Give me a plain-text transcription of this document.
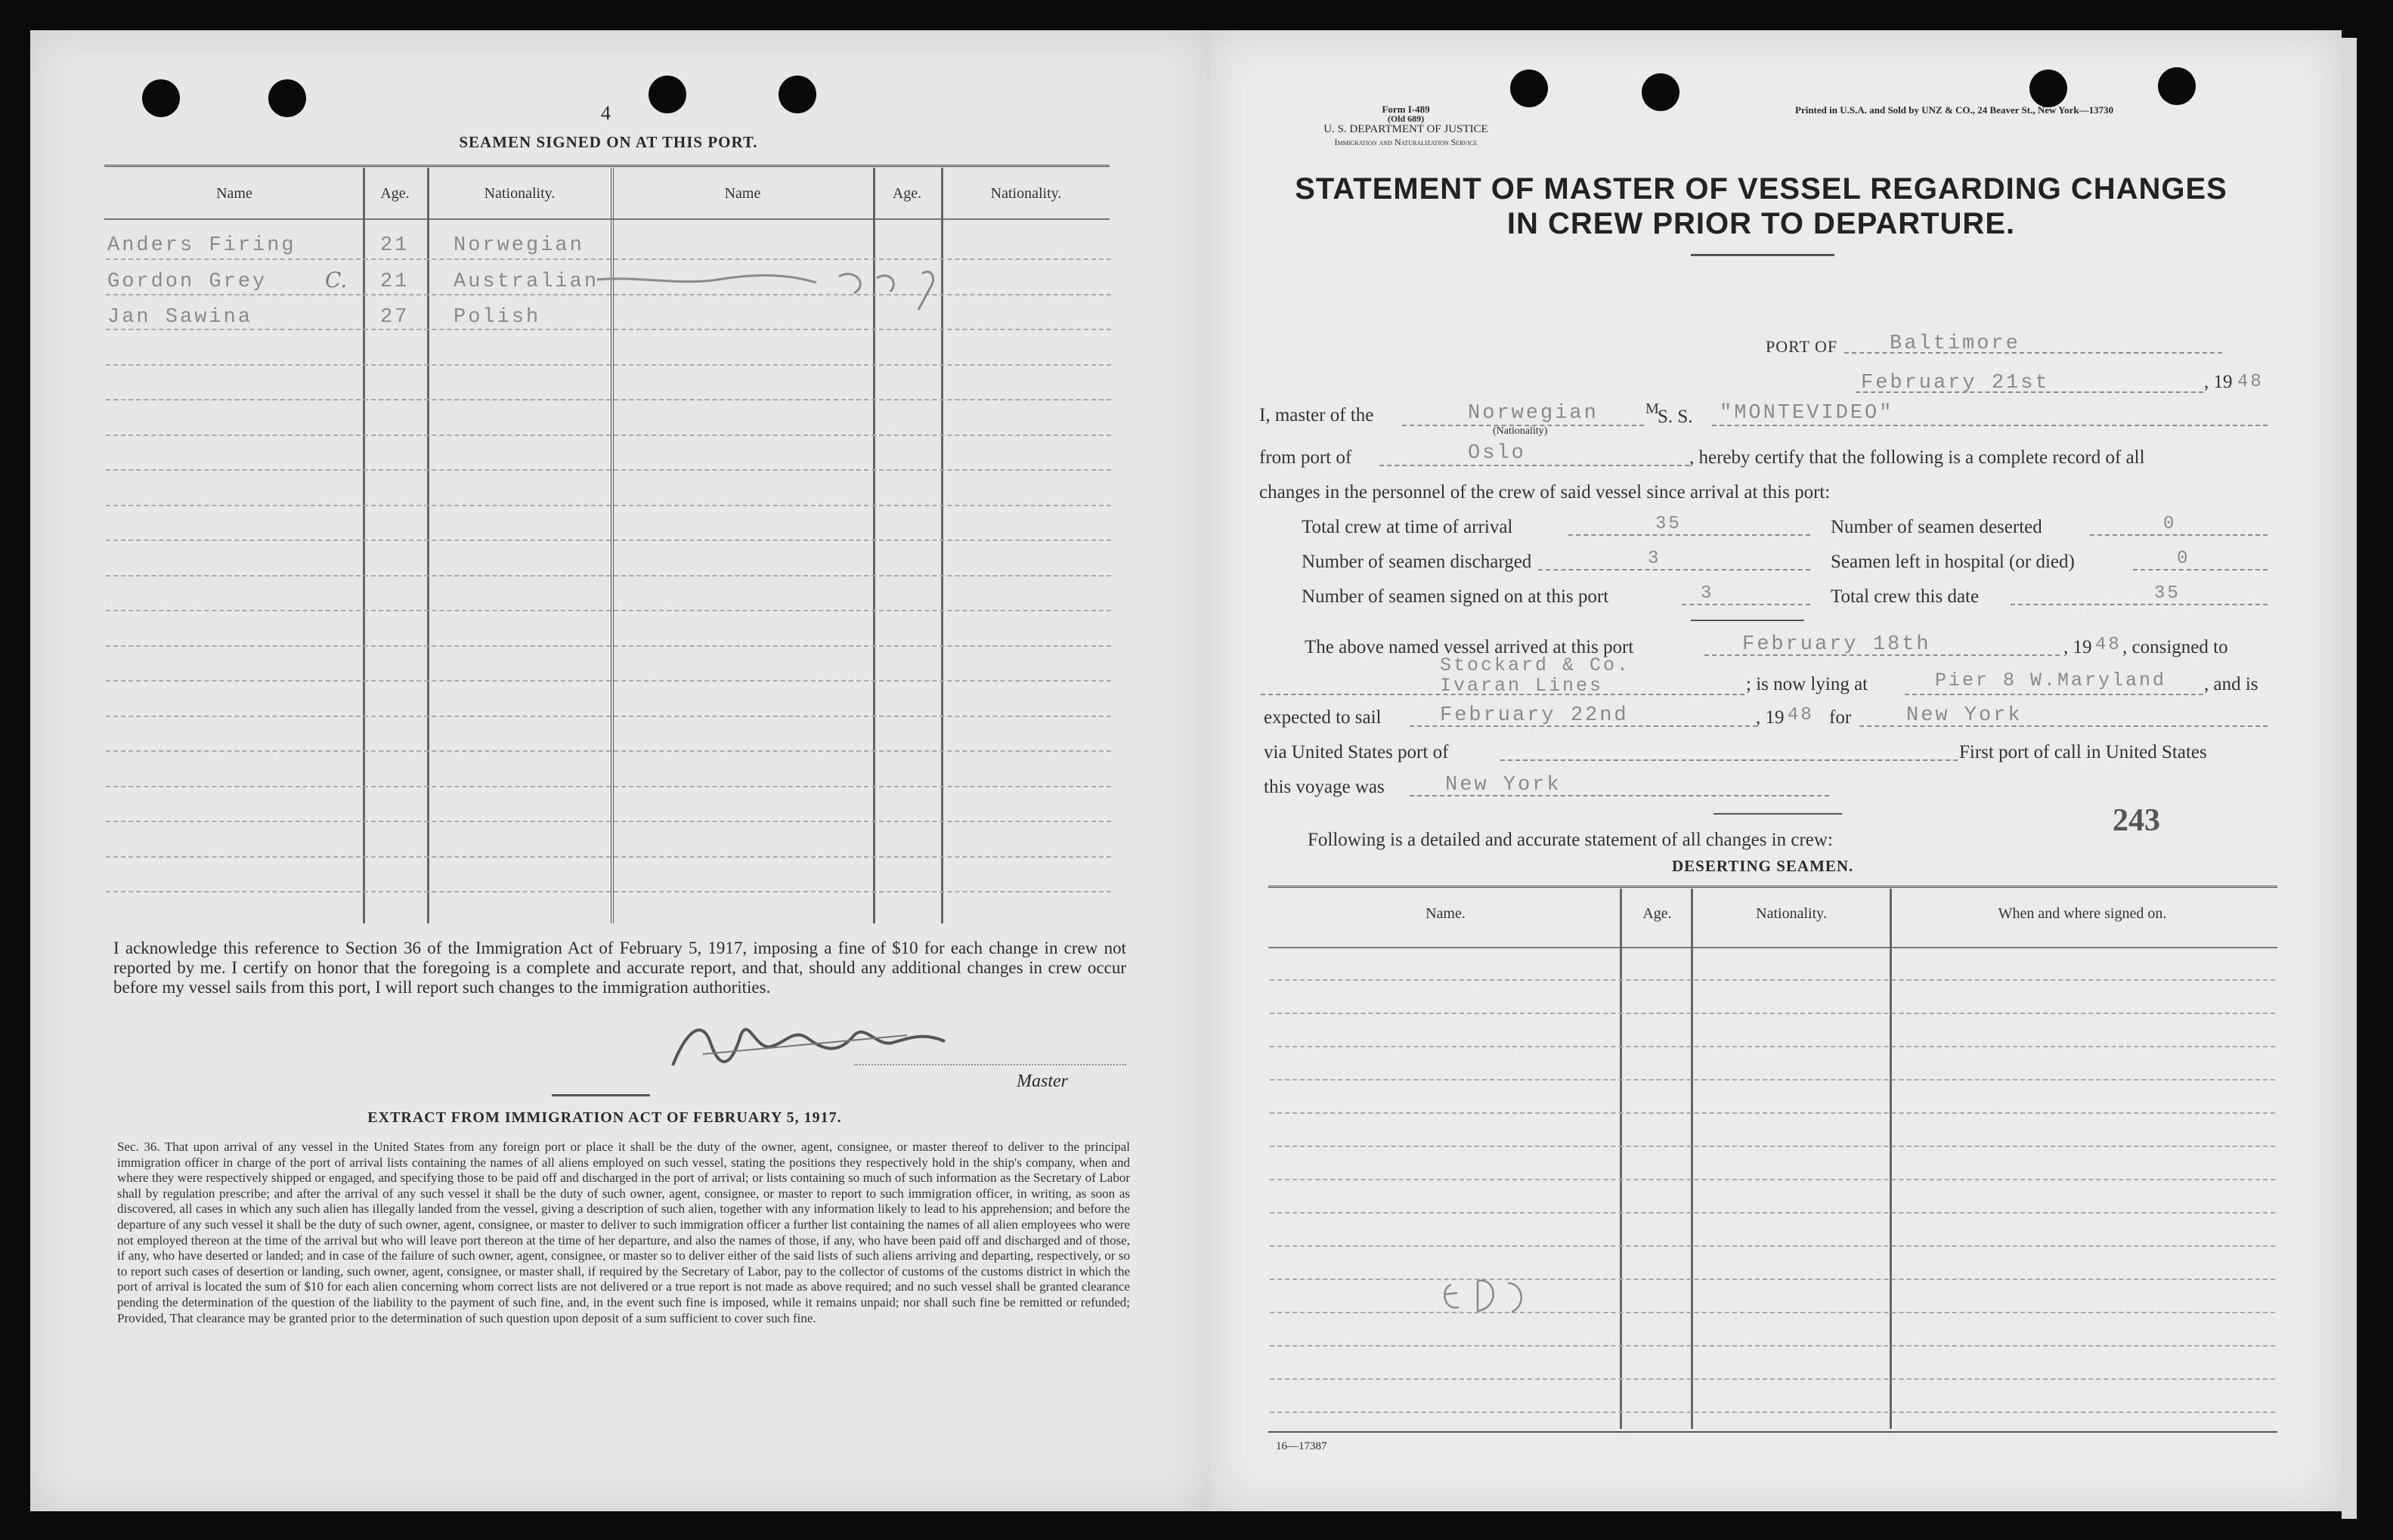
4
SEAMEN SIGNED ON AT THIS PORT.
Name	Age.	Nationality.	Name	Age.	Nationality.
Anders Firing	21 Norwegian
Gordon Grey	C. 21 Australian
Jan Sawina	27 Polish
I acknowledge this reference to Section 36 of the Immigration Act of February 5, 1917, imposing a fine of $10 for each change in crew not reported by me. I certify on honor that the foregoing is a complete and accurate report, and that, should any additional changes in crew occur before my vessel sails from this port, I will report such changes to the immigration authorities.
Master
EXTRACT FROM IMMIGRATION ACT OF FEBRUARY 5, 1917.
Sec. 36. That upon arrival of any vessel in the United States from any foreign port or place it shall be the duty of the owner, agent, consignee, or master thereof to deliver to the principal immigration officer in charge of the port of arrival lists containing the names of all aliens employed on such vessel, stating the positions they respectively hold in the ship's company, when and where they were respectively shipped or engaged, and specifying those to be paid off and discharged in the port of arrival; or lists containing so much of such information as the Secretary of Labor shall by regulation prescribe; and after the arrival of any such vessel it shall be the duty of such owner, agent, consignee, or master to report to such immigration officer, in writing, as soon as discovered, all cases in which any such alien has illegally landed from the vessel, giving a description of such alien, together with any information likely to lead to his apprehension; and before the departure of any such vessel it shall be the duty of such owner, agent, consignee, or master to deliver to such immigration officer a further list containing the names of all alien employees who were not employed thereon at the time of the arrival but who will leave port thereon at the time of her departure, and also the names of those, if any, who have been paid off and discharged and of those, if any, who have deserted or landed; and in case of the failure of such owner, agent, consignee, or master so to deliver either of the said lists of such aliens arriving and departing, respectively, or so to report such cases of desertion or landing, such owner, agent, consignee, or master shall, if required by the Secretary of Labor, pay to the collector of customs of the customs district in which the port of arrival is located the sum of $10 for each alien concerning whom correct lists are not delivered or a true report is not made as above required; and no such vessel shall be granted clearance pending the determination of the question of the liability to the payment of such fine, and, in the event such fine is imposed, while it remains unpaid; nor shall such fine be remitted or refunded; Provided, That clearance may be granted prior to the determination of such question upon deposit of a sum sufficient to cover such fine.
Form I-489
(Old 689)
U. S. DEPARTMENT OF JUSTICE
Immigration and Naturalization Service
Printed in U.S.A. and Sold by UNZ & CO., 24 Beaver St., New York—13730
STATEMENT OF MASTER OF VESSEL REGARDING CHANGES
IN CREW PRIOR TO DEPARTURE.
PORT OF	Baltimore
February 21st	, 19 48
I, master of the	Norwegian
(Nationality)
M
S. S. "MONTEVIDEO"
from port of	Oslo	, hereby certify that the following is a complete record of all
changes in the personnel of the crew of said vessel since arrival at this port:
Total crew at time of arrival	35	Number of seamen deserted	0
Number of seamen discharged	3	Seamen left in hospital (or died)	0
Number of seamen signed on at this port	3	Total crew this date	35
The above named vessel arrived at this port	February 18th	, 19 48 , consigned to
Stockard & Co.
Ivaran Lines	; is now lying at	Pier 8 W.Maryland , and is
expected to sail	February 22nd	, 19 48 for	New York
via United States port of	First port of call in United States
this voyage was	New York
Following is a detailed and accurate statement of all changes in crew:
243
DESERTING SEAMEN.
Name.	Age.	Nationality.	When and where signed on.
16—17387
